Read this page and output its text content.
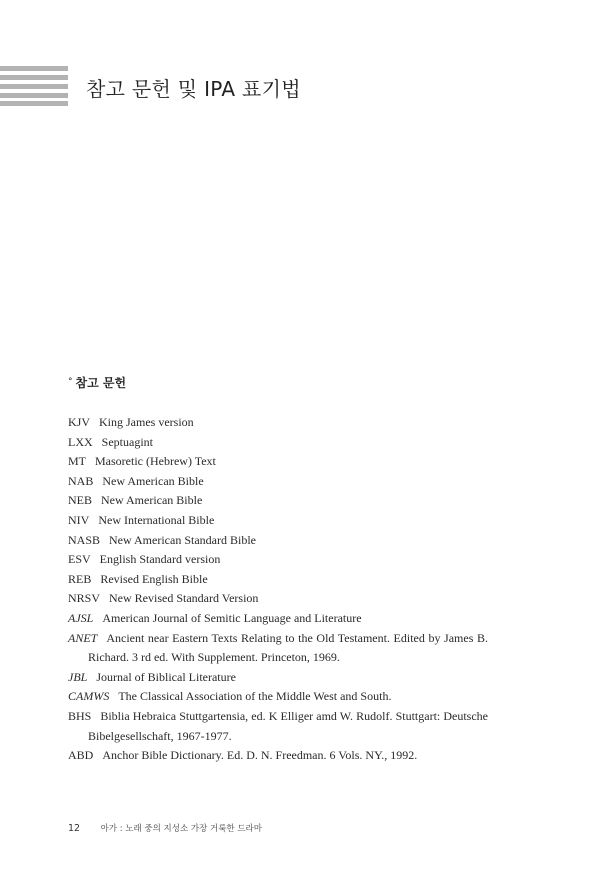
참고 문헌 및 IPA 표기법
° 참고 문헌
KJV King James version
LXX Septuagint
MT Masoretic (Hebrew) Text
NAB New American Bible
NEB New American Bible
NIV New International Bible
NASB New American Standard Bible
ESV English Standard version
REB Revised English Bible
NRSV New Revised Standard Version
AJSL American Journal of Semitic Language and Literature
ANET Ancient near Eastern Texts Relating to the Old Testament. Edited by James B.
Richard. 3 rd ed. With Supplement. Princeton, 1969.
JBL Journal of Biblical Literature
CAMWS The Classical Association of the Middle West and South.
BHS Biblia Hebraica Stuttgartensia, ed. K Elliger amd W. Rudolf. Stuttgart: Deutsche
Bibelgesellschaft, 1967-1977.
ABD Anchor Bible Dictionary. Ed. D. N. Freedman. 6 Vols. NY., 1992.
12 아가 : 노래 중의 지성소 가장 거룩한 드라마
